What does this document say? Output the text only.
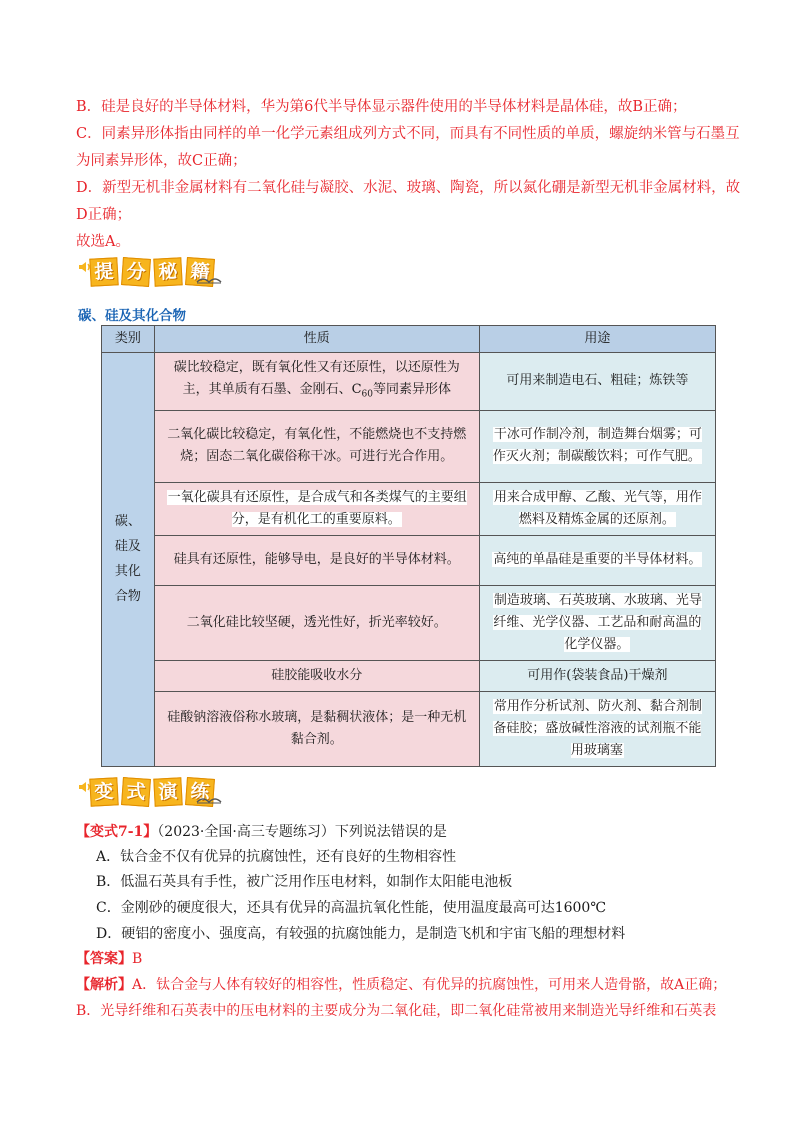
B．硅是良好的半导体材料，华为第6代半导体显示器件使用的半导体材料是晶体硅，故B正确；
C．同素异形体指由同样的单一化学元素组成列方式不同，而具有不同性质的单质，螺旋纳米管与石墨互
为同素异形体，故C正确；
D．新型无机非金属材料有二氧化硅与凝胶、水泥、玻璃、陶瓷，所以氮化硼是新型无机非金属材料，故
D正确；
故选A。
提 分 秘 籍
碳、硅及其化合物
类别	性质	用途

碳、
硅及
其化
合物	碳比较稳定，既有氧化性又有还原性，以还原性为主，其单质有石墨、金刚石、$C_{60}$等同素异形体	可用来制造电石、粗硅；炼铁等
	二氧化碳比较稳定，有氧化性，不能燃烧也不支持燃烧；固态二氧化碳俗称干冰。可进行光合作用。	干冰可作制冷剂，制造舞台烟雾；可作灭火剂；制碳酸饮料；可作气肥。
	一氧化碳具有还原性，是合成气和各类煤气的主要组分，是有机化工的重要原料。	用来合成甲醇、乙酸、光气等，用作燃料及精炼金属的还原剂。
	硅具有还原性，能够导电，是良好的半导体材料。	高纯的单晶硅是重要的半导体材料。
	二氧化硅比较坚硬，透光性好，折光率较好。	制造玻璃、石英玻璃、水玻璃、光导纤维、光学仪器、工艺品和耐高温的化学仪器。
	硅胶能吸收水分	可用作(袋装食品)干燥剂
	硅酸钠溶液俗称水玻璃，是黏稠状液体；是一种无机黏合剂。	常用作分析试剂、防火剂、黏合剂制备硅胶；盛放碱性溶液的试剂瓶不能用玻璃塞
变 式 演 练
【变式7-1】（2023·全国·高三专题练习）下列说法错误的是
A．钛合金不仅有优异的抗腐蚀性，还有良好的生物相容性
B．低温石英具有手性，被广泛用作压电材料，如制作太阳能电池板
C．金刚砂的硬度很大，还具有优异的高温抗氧化性能，使用温度最高可达1600℃
D．硬铝的密度小、强度高，有较强的抗腐蚀能力，是制造飞机和宇宙飞船的理想材料
【答案】B
【解析】A．钛合金与人体有较好的相容性，性质稳定、有优异的抗腐蚀性，可用来人造骨骼，故A正确；
B．光导纤维和石英表中的压电材料的主要成分为二氧化硅，即二氧化硅常被用来制造光导纤维和石英表
